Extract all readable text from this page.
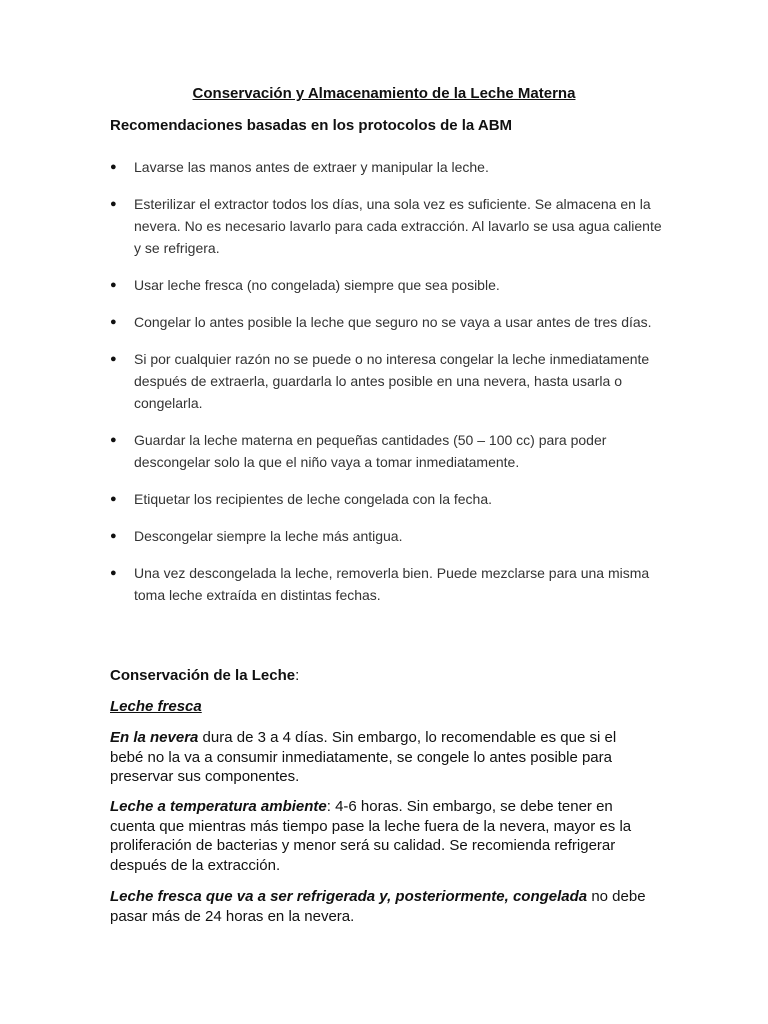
Conservación y Almacenamiento de la Leche Materna
Recomendaciones basadas en los protocolos de la ABM
● Lavarse las manos antes de extraer y manipular la leche.
● Esterilizar el extractor todos los días, una sola vez es suficiente. Se almacena en la nevera. No es necesario lavarlo para cada extracción. Al lavarlo se usa agua caliente y se refrigera.
● Usar leche fresca (no congelada) siempre que sea posible.
● Congelar lo antes posible la leche que seguro no se vaya a usar antes de tres días.
● Si por cualquier razón no se puede o no interesa congelar la leche inmediatamente después de extraerla, guardarla lo antes posible en una nevera, hasta usarla o congelarla.
● Guardar la leche materna en pequeñas cantidades (50 – 100 cc) para poder descongelar solo la que el niño vaya a tomar inmediatamente.
● Etiquetar los recipientes de leche congelada con la fecha.
● Descongelar siempre la leche más antigua.
● Una vez descongelada la leche, removerla bien. Puede mezclarse para una misma toma leche extraída en distintas fechas.

Conservación de la Leche:

Leche fresca

En la nevera dura de 3 a 4 días. Sin embargo, lo recomendable es que si el bebé no la va a consumir inmediatamente, se congele lo antes posible para preservar sus componentes.

Leche a temperatura ambiente: 4-6 horas. Sin embargo, se debe tener en cuenta que mientras más tiempo pase la leche fuera de la nevera, mayor es la proliferación de bacterias y menor será su calidad. Se recomienda refrigerar después de la extracción.

Leche fresca que va a ser refrigerada y, posteriormente, congelada no debe pasar más de 24 horas en la nevera.
